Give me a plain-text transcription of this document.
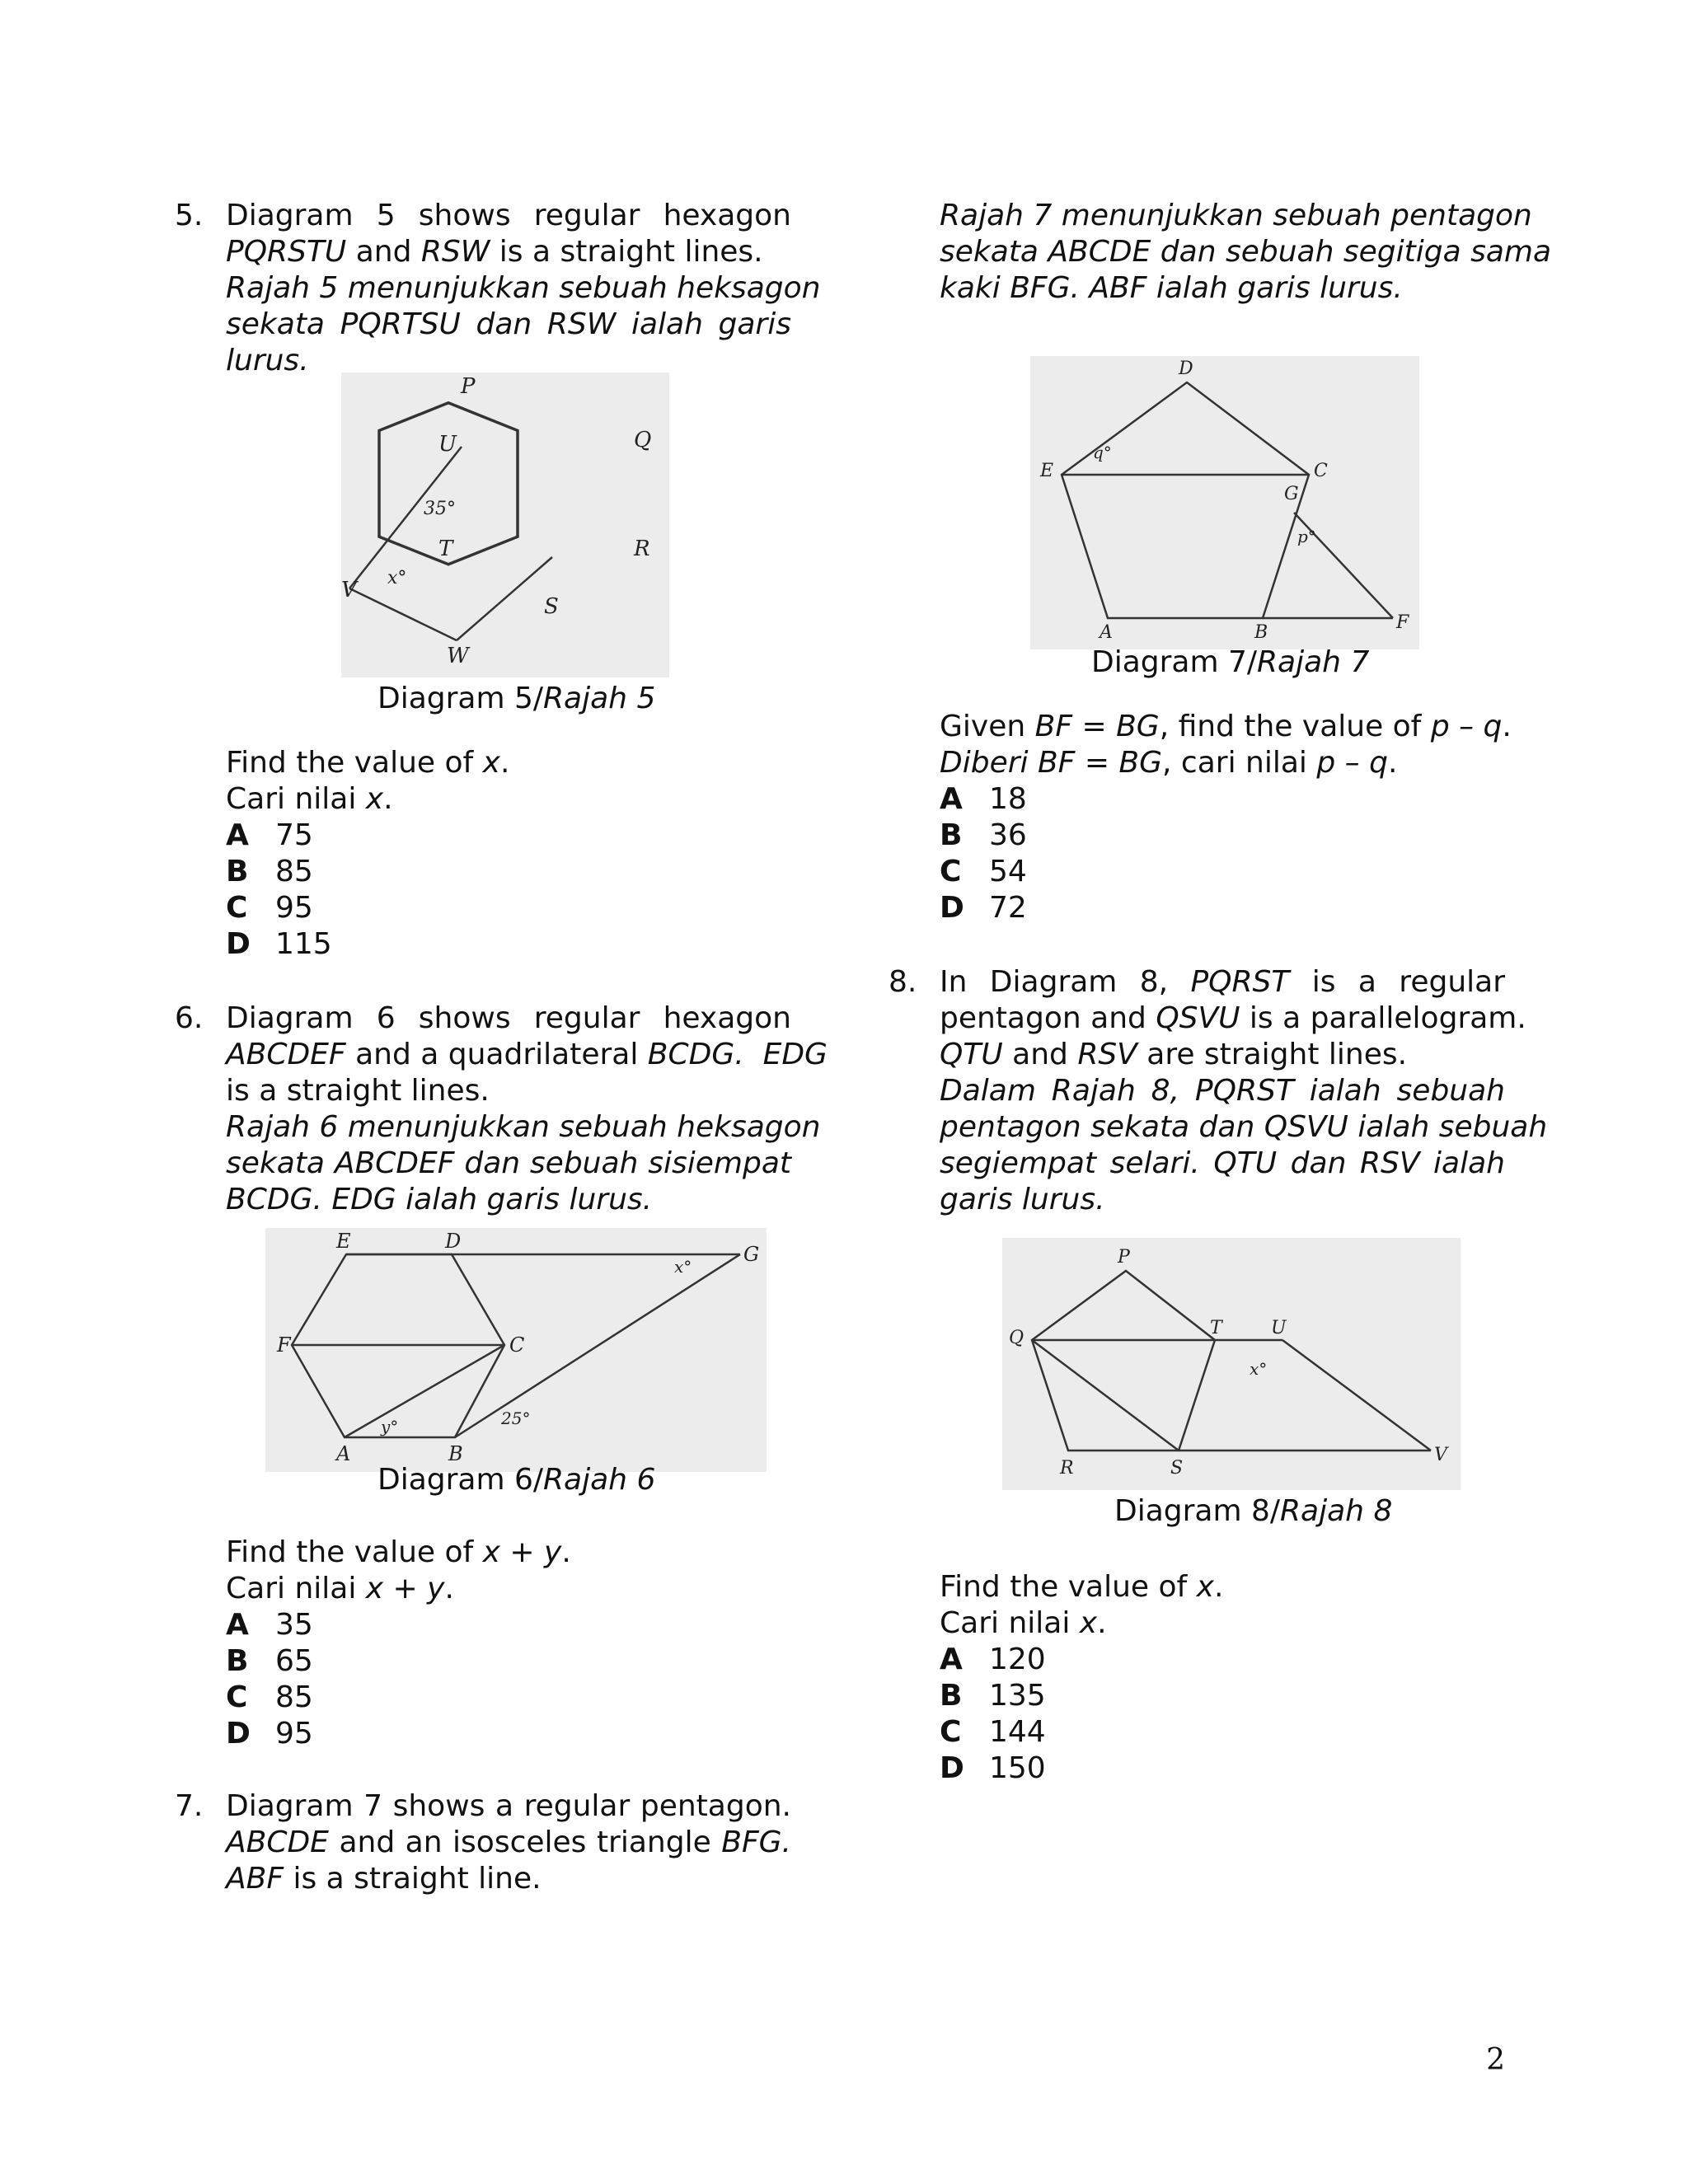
5. Diagram 5 shows regular hexagon
PQRSTU and RSW is a straight lines.
Rajah 5 menunjukkan sebuah heksagon
sekata PQRTSU dan RSW ialah garis
lurus.
P
U	Q
R
S
T
V
W
35°
x°
Diagram 5/Rajah 5
Find the value of x.
Cari nilai x.
A 75
B 85
C 95
D 115
6. Diagram 6 shows regular hexagon
ABCDEF and a quadrilateral BCDG. EDG
is a straight lines.
Rajah 6 menunjukkan sebuah heksagon
sekata ABCDEF dan sebuah sisiempat
BCDG. EDG ialah garis lurus.
E	D
F	C
A	B
G
x°
y°	25°
Diagram 6/Rajah 6
Find the value of x + y.
Cari nilai x + y.
A 35
B 65
C 85
D 95
7. Diagram 7 shows a regular pentagon.
ABCDE and an isosceles triangle BFG.
ABF is a straight line.
Rajah 7 menunjukkan sebuah pentagon
sekata ABCDE dan sebuah segitiga sama
kaki BFG. ABF ialah garis lurus.
D
E	C
G
A	B	F
q°
p°
Diagram 7/Rajah 7
Given BF = BG, find the value of p – q.
Diberi BF = BG, cari nilai p – q.
A 18
B 36
C 54
D 72
8. In Diagram 8, PQRST is a regular
pentagon and QSVU is a parallelogram.
QTU and RSV are straight lines.
Dalam Rajah 8, PQRST ialah sebuah
pentagon sekata dan QSVU ialah sebuah
segiempat selari. QTU dan RSV ialah
garis lurus.
P
Q	T	U
R	S
V
x°
Diagram 8/Rajah 8
Find the value of x.
Cari nilai x.
A 120
B 135
C 144
D 150
2
